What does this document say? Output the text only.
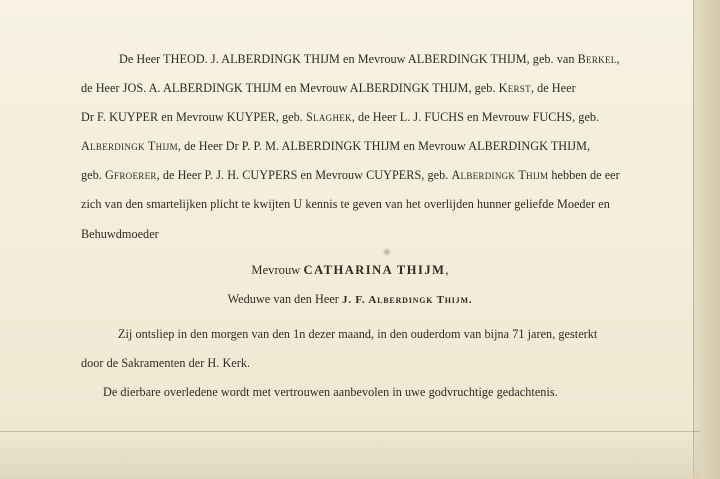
De Heer THEOD. J. ALBERDINGK THIJM en Mevrouw ALBERDINGK THIJM, geb. van Berkel,
de Heer JOS. A. ALBERDINGK THIJM en Mevrouw ALBERDINGK THIJM, geb. Kerst, de Heer
Dr F. KUYPER en Mevrouw KUYPER, geb. Slaghek, de Heer L. J. FUCHS en Mevrouw FUCHS, geb.
Alberdingk Thijm, de Heer Dr P. P. M. ALBERDINGK THIJM en Mevrouw ALBERDINGK THIJM,
geb. Gfroerer, de Heer P. J. H. CUYPERS en Mevrouw CUYPERS, geb. Alberdingk Thijm hebben de eer
zich van den smartelijken plicht te kwijten U kennis te geven van het overlijden hunner geliefde Moeder en
Behuwdmoeder
Mevrouw CATHARINA THIJM,
Weduwe van den Heer J. F. Alberdingk Thijm.
Zij ontsliep in den morgen van den 1n dezer maand, in den ouderdom van bijna 71 jaren, gesterkt
door de Sakramenten der H. Kerk.
De dierbare overledene wordt met vertrouwen aanbevolen in uwe godvruchtige gedachtenis.
